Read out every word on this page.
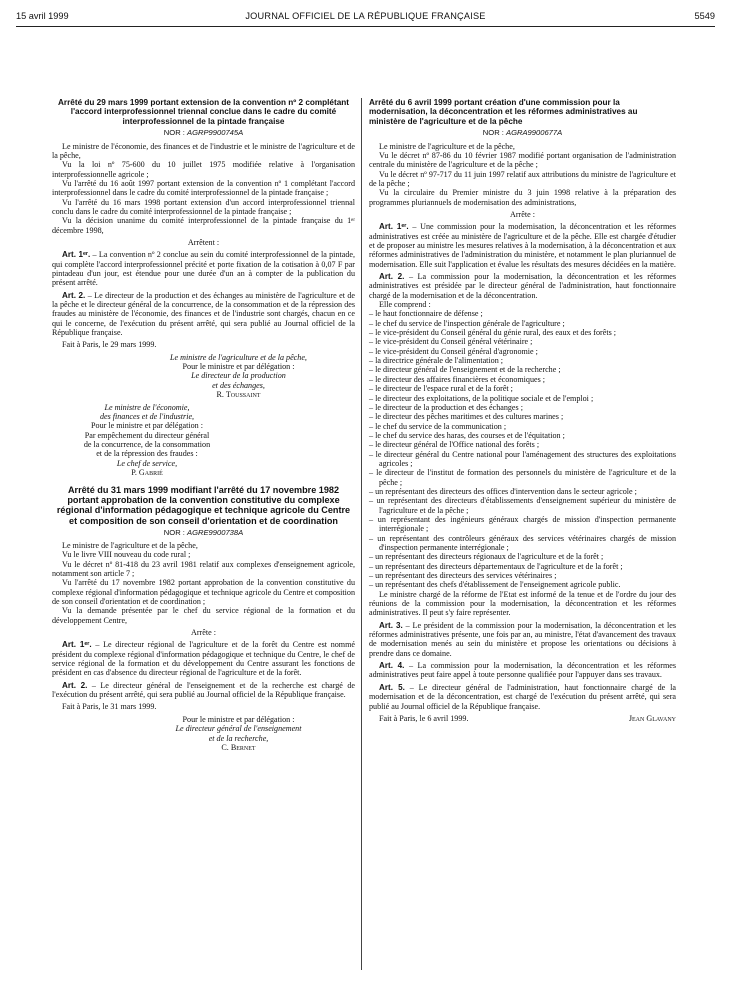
15 avril 1999	JOURNAL OFFICIEL DE LA RÉPUBLIQUE FRANÇAISE	5549
Arrêté du 29 mars 1999 portant extension de la convention nº 2 complétant l'accord interprofessionnel triennal conclue dans le cadre du comité interprofessionnel de la pintade française
NOR : AGRP9900745A

Le ministre de l'économie, des finances et de l'industrie et le ministre de l'agriculture et de la pêche,

Vu la loi nº 75-600 du 10 juillet 1975 modifiée relative à l'organisation interprofessionnelle agricole ;

Vu l'arrêté du 16 août 1997 portant extension de la convention nº 1 complétant l'accord interprofessionnel dans le cadre du comité interprofessionnel de la pintade française ;

Vu l'arrêté du 16 mars 1998 portant extension d'un accord interprofessionnel triennal conclu dans le cadre du comité interprofessionnel de la pintade française ;

Vu la décision unanime du comité interprofessionnel de la pintade française du 1ᵉʳ décembre 1998,

Arrêtent :

Art. 1ᵉʳ. – La convention nº 2 conclue au sein du comité interprofessionnel de la pintade, qui complète l'accord interprofessionnel précité et porte fixation de la cotisation à 0,07 F par pintadeau d'un jour, est étendue pour une durée d'un an à compter de la publication du présent arrêté.

Art. 2. – Le directeur de la production et des échanges au ministère de l'agriculture et de la pêche et le directeur général de la concurrence, de la consommation et de la répression des fraudes au ministère de l'économie, des finances et de l'industrie sont chargés, chacun en ce qui le concerne, de l'exécution du présent arrêté, qui sera publié au Journal officiel de la République française.

Fait à Paris, le 29 mars 1999.

Le ministre de l'agriculture et de la pêche,

Pour le ministre et par délégation :

Le directeur de la production

et des échanges,

R. Toussaint

Le ministre de l'économie,

des finances et de l'industrie,

Pour le ministre et par délégation :

Par empêchement du directeur général

de la concurrence, de la consommation

et de la répression des fraudes :

Le chef de service,

P. Gabrié

Arrêté du 31 mars 1999 modifiant l'arrêté du 17 novembre 1982 portant approbation de la convention constitutive du complexe régional d'information pédagogique et technique agricole du Centre et composition de son conseil d'orientation et de coordination
NOR : AGRE9900738A

Le ministre de l'agriculture et de la pêche,

Vu le livre VIII nouveau du code rural ;

Vu le décret nº 81-418 du 23 avril 1981 relatif aux complexes d'enseignement agricole, notamment son article 7 ;

Vu l'arrêté du 17 novembre 1982 portant approbation de la convention constitutive du complexe régional d'information pédagogique et technique agricole du Centre et composition de son conseil d'orientation et de coordination ;

Vu la demande présentée par le chef du service régional de la formation et du développement Centre,

Arrête :

Art. 1ᵉʳ. – Le directeur régional de l'agriculture et de la forêt du Centre est nommé président du complexe régional d'information pédagogique et technique du Centre, le chef de service régional de la formation et du développement du Centre assurant les fonctions de président en cas d'absence du directeur régional de l'agriculture et de la forêt.

Art. 2. – Le directeur général de l'enseignement et de la recherche est chargé de l'exécution du présent arrêté, qui sera publié au Journal officiel de la République française.

Fait à Paris, le 31 mars 1999.

Pour le ministre et par délégation :

Le directeur général de l'enseignement

et de la recherche,

C. Bernet

Arrêté du 6 avril 1999 portant création d'une commission pour la modernisation, la déconcentration et les réformes administratives au ministère de l'agriculture et de la pêche
NOR : AGRA9900677A

Le ministre de l'agriculture et de la pêche,

Vu le décret nº 87-86 du 10 février 1987 modifié portant organisation de l'administration centrale du ministère de l'agriculture et de la pêche ;

Vu le décret nº 97-717 du 11 juin 1997 relatif aux attributions du ministre de l'agriculture et de la pêche ;

Vu la circulaire du Premier ministre du 3 juin 1998 relative à la préparation des programmes pluriannuels de modernisation des administrations,

Arrête :

Art. 1ᵉʳ. – Une commission pour la modernisation, la déconcentration et les réformes administratives est créée au ministère de l'agriculture et de la pêche. Elle est chargée d'étudier et de proposer au ministre les mesures relatives à la modernisation, à la déconcentration et aux réformes administratives de l'administration du ministère, et notamment le plan pluriannuel de modernisation. Elle suit l'application et évalue les résultats des mesures décidées en la matière.

Art. 2. – La commission pour la modernisation, la déconcentration et les réformes administratives est présidée par le directeur général de l'administration, haut fonctionnaire chargé de la modernisation et de la déconcentration.

Elle comprend :

– le haut fonctionnaire de défense ;
– le chef du service de l'inspection générale de l'agriculture ;
– le vice-président du Conseil général du génie rural, des eaux et des forêts ;
– le vice-président du Conseil général vétérinaire ;
– le vice-président du Conseil général d'agronomie ;
– la directrice générale de l'alimentation ;
– le directeur général de l'enseignement et de la recherche ;
– le directeur des affaires financières et économiques ;
– le directeur de l'espace rural et de la forêt ;
– le directeur des exploitations, de la politique sociale et de l'emploi ;
– le directeur de la production et des échanges ;
– le directeur des pêches maritimes et des cultures marines ;
– le chef du service de la communication ;
– le chef du service des haras, des courses et de l'équitation ;
– le directeur général de l'Office national des forêts ;
– le directeur général du Centre national pour l'aménagement des structures des exploitations agricoles ;
– le directeur de l'institut de formation des personnels du ministère de l'agriculture et de la pêche ;
– un représentant des directeurs des offices d'intervention dans le secteur agricole ;
– un représentant des directeurs d'établissements d'enseignement supérieur du ministère de l'agriculture et de la pêche ;
– un représentant des ingénieurs généraux chargés de mission d'inspection permanente interrégionale ;
– un représentant des contrôleurs généraux des services vétérinaires chargés de mission d'inspection permanente interrégionale ;
– un représentant des directeurs régionaux de l'agriculture et de la forêt ;
– un représentant des directeurs départementaux de l'agriculture et de la forêt ;
– un représentant des directeurs des services vétérinaires ;
– un représentant des chefs d'établissement de l'enseignement agricole public.

Le ministre chargé de la réforme de l'Etat est informé de la tenue et de l'ordre du jour des réunions de la commission pour la modernisation, la déconcentration et les réformes administratives. Il peut s'y faire représenter.

Art. 3. – Le président de la commission pour la modernisation, la déconcentration et les réformes administratives présente, une fois par an, au ministre, l'état d'avancement des travaux de modernisation menés au sein du ministère et propose les orientations ou décisions à prendre dans ce domaine.

Art. 4. – La commission pour la modernisation, la déconcentration et les réformes administratives peut faire appel à toute personne qualifiée pour l'appuyer dans ses travaux.

Art. 5. – Le directeur général de l'administration, haut fonctionnaire chargé de la modernisation et de la déconcentration, est chargé de l'exécution du présent arrêté, qui sera publié au Journal officiel de la République française.

Fait à Paris, le 6 avril 1999.	Jean Glavany
